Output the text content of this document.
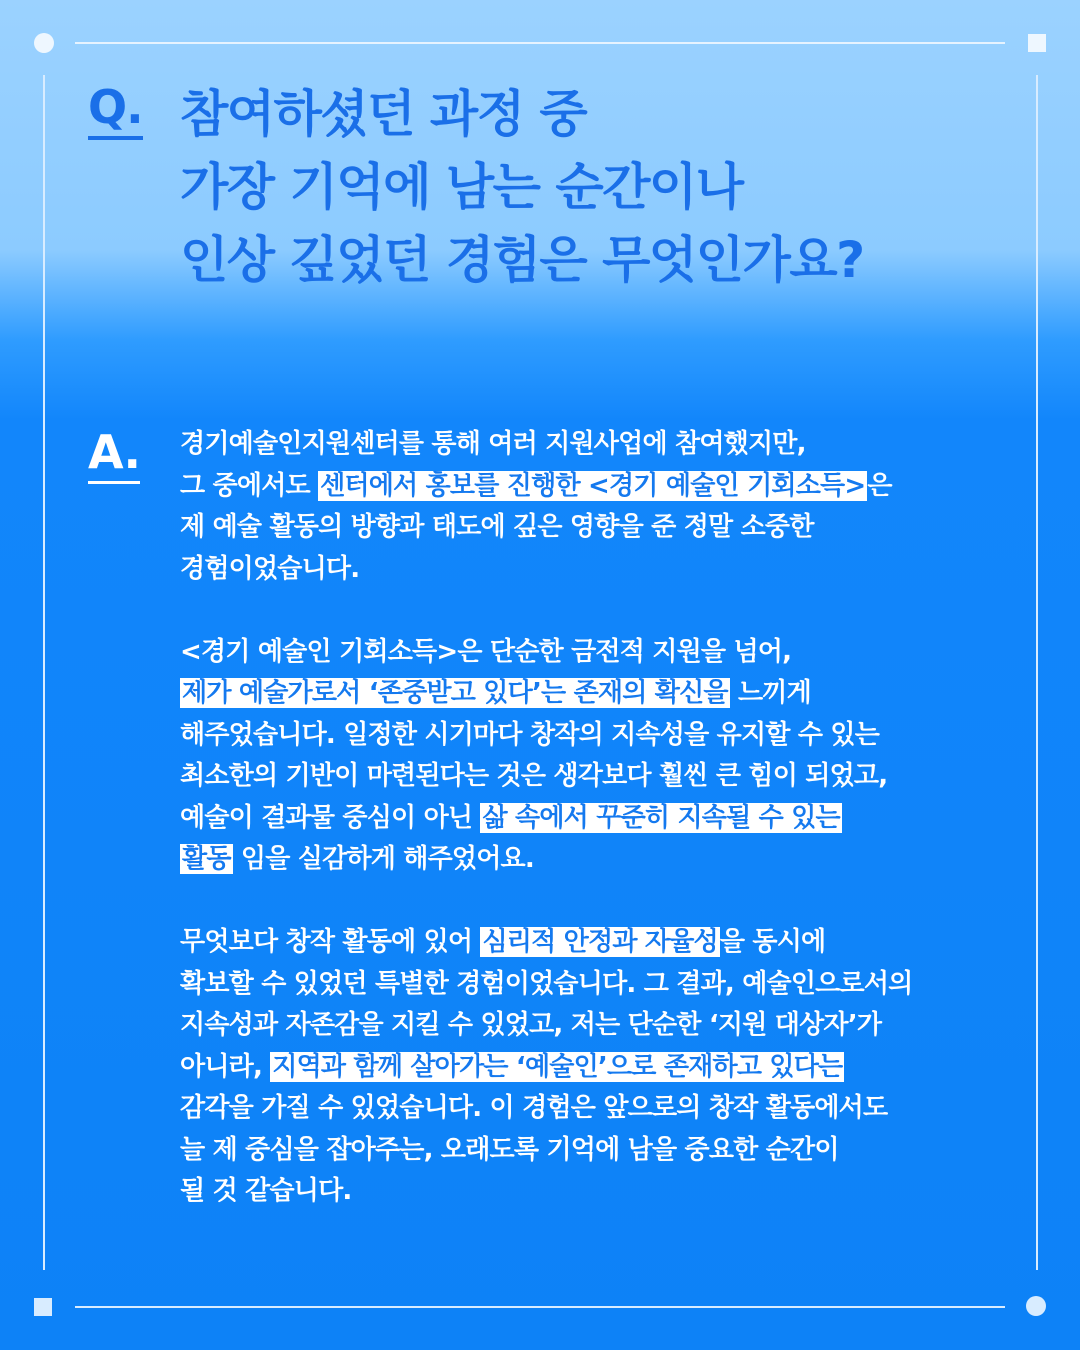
Q. 참여하셨던 과정 중
가장 기억에 남는 순간이나
인상 깊었던 경험은 무엇인가요?
A. 경기예술인지원센터를 통해 여러 지원사업에 참여했지만,
그 중에서도 센터에서 홍보를 진행한 <경기 예술인 기회소득>은
제 예술 활동의 방향과 태도에 깊은 영향을 준 정말 소중한
경험이었습니다.
<경기 예술인 기회소득>은 단순한 금전적 지원을 넘어,
제가 예술가로서 ‘존중받고 있다’는 존재의 확신을 느끼게
해주었습니다. 일정한 시기마다 창작의 지속성을 유지할 수 있는
최소한의 기반이 마련된다는 것은 생각보다 훨씬 큰 힘이 되었고,
예술이 결과물 중심이 아닌 삶 속에서 꾸준히 지속될 수 있는
활동 임을 실감하게 해주었어요.
무엇보다 창작 활동에 있어 심리적 안정과 자율성을 동시에
확보할 수 있었던 특별한 경험이었습니다. 그 결과, 예술인으로서의
지속성과 자존감을 지킬 수 있었고, 저는 단순한 ‘지원 대상자’가
아니라, 지역과 함께 살아가는 ‘예술인’으로 존재하고 있다는
감각을 가질 수 있었습니다. 이 경험은 앞으로의 창작 활동에서도
늘 제 중심을 잡아주는, 오래도록 기억에 남을 중요한 순간이
될 것 같습니다.
